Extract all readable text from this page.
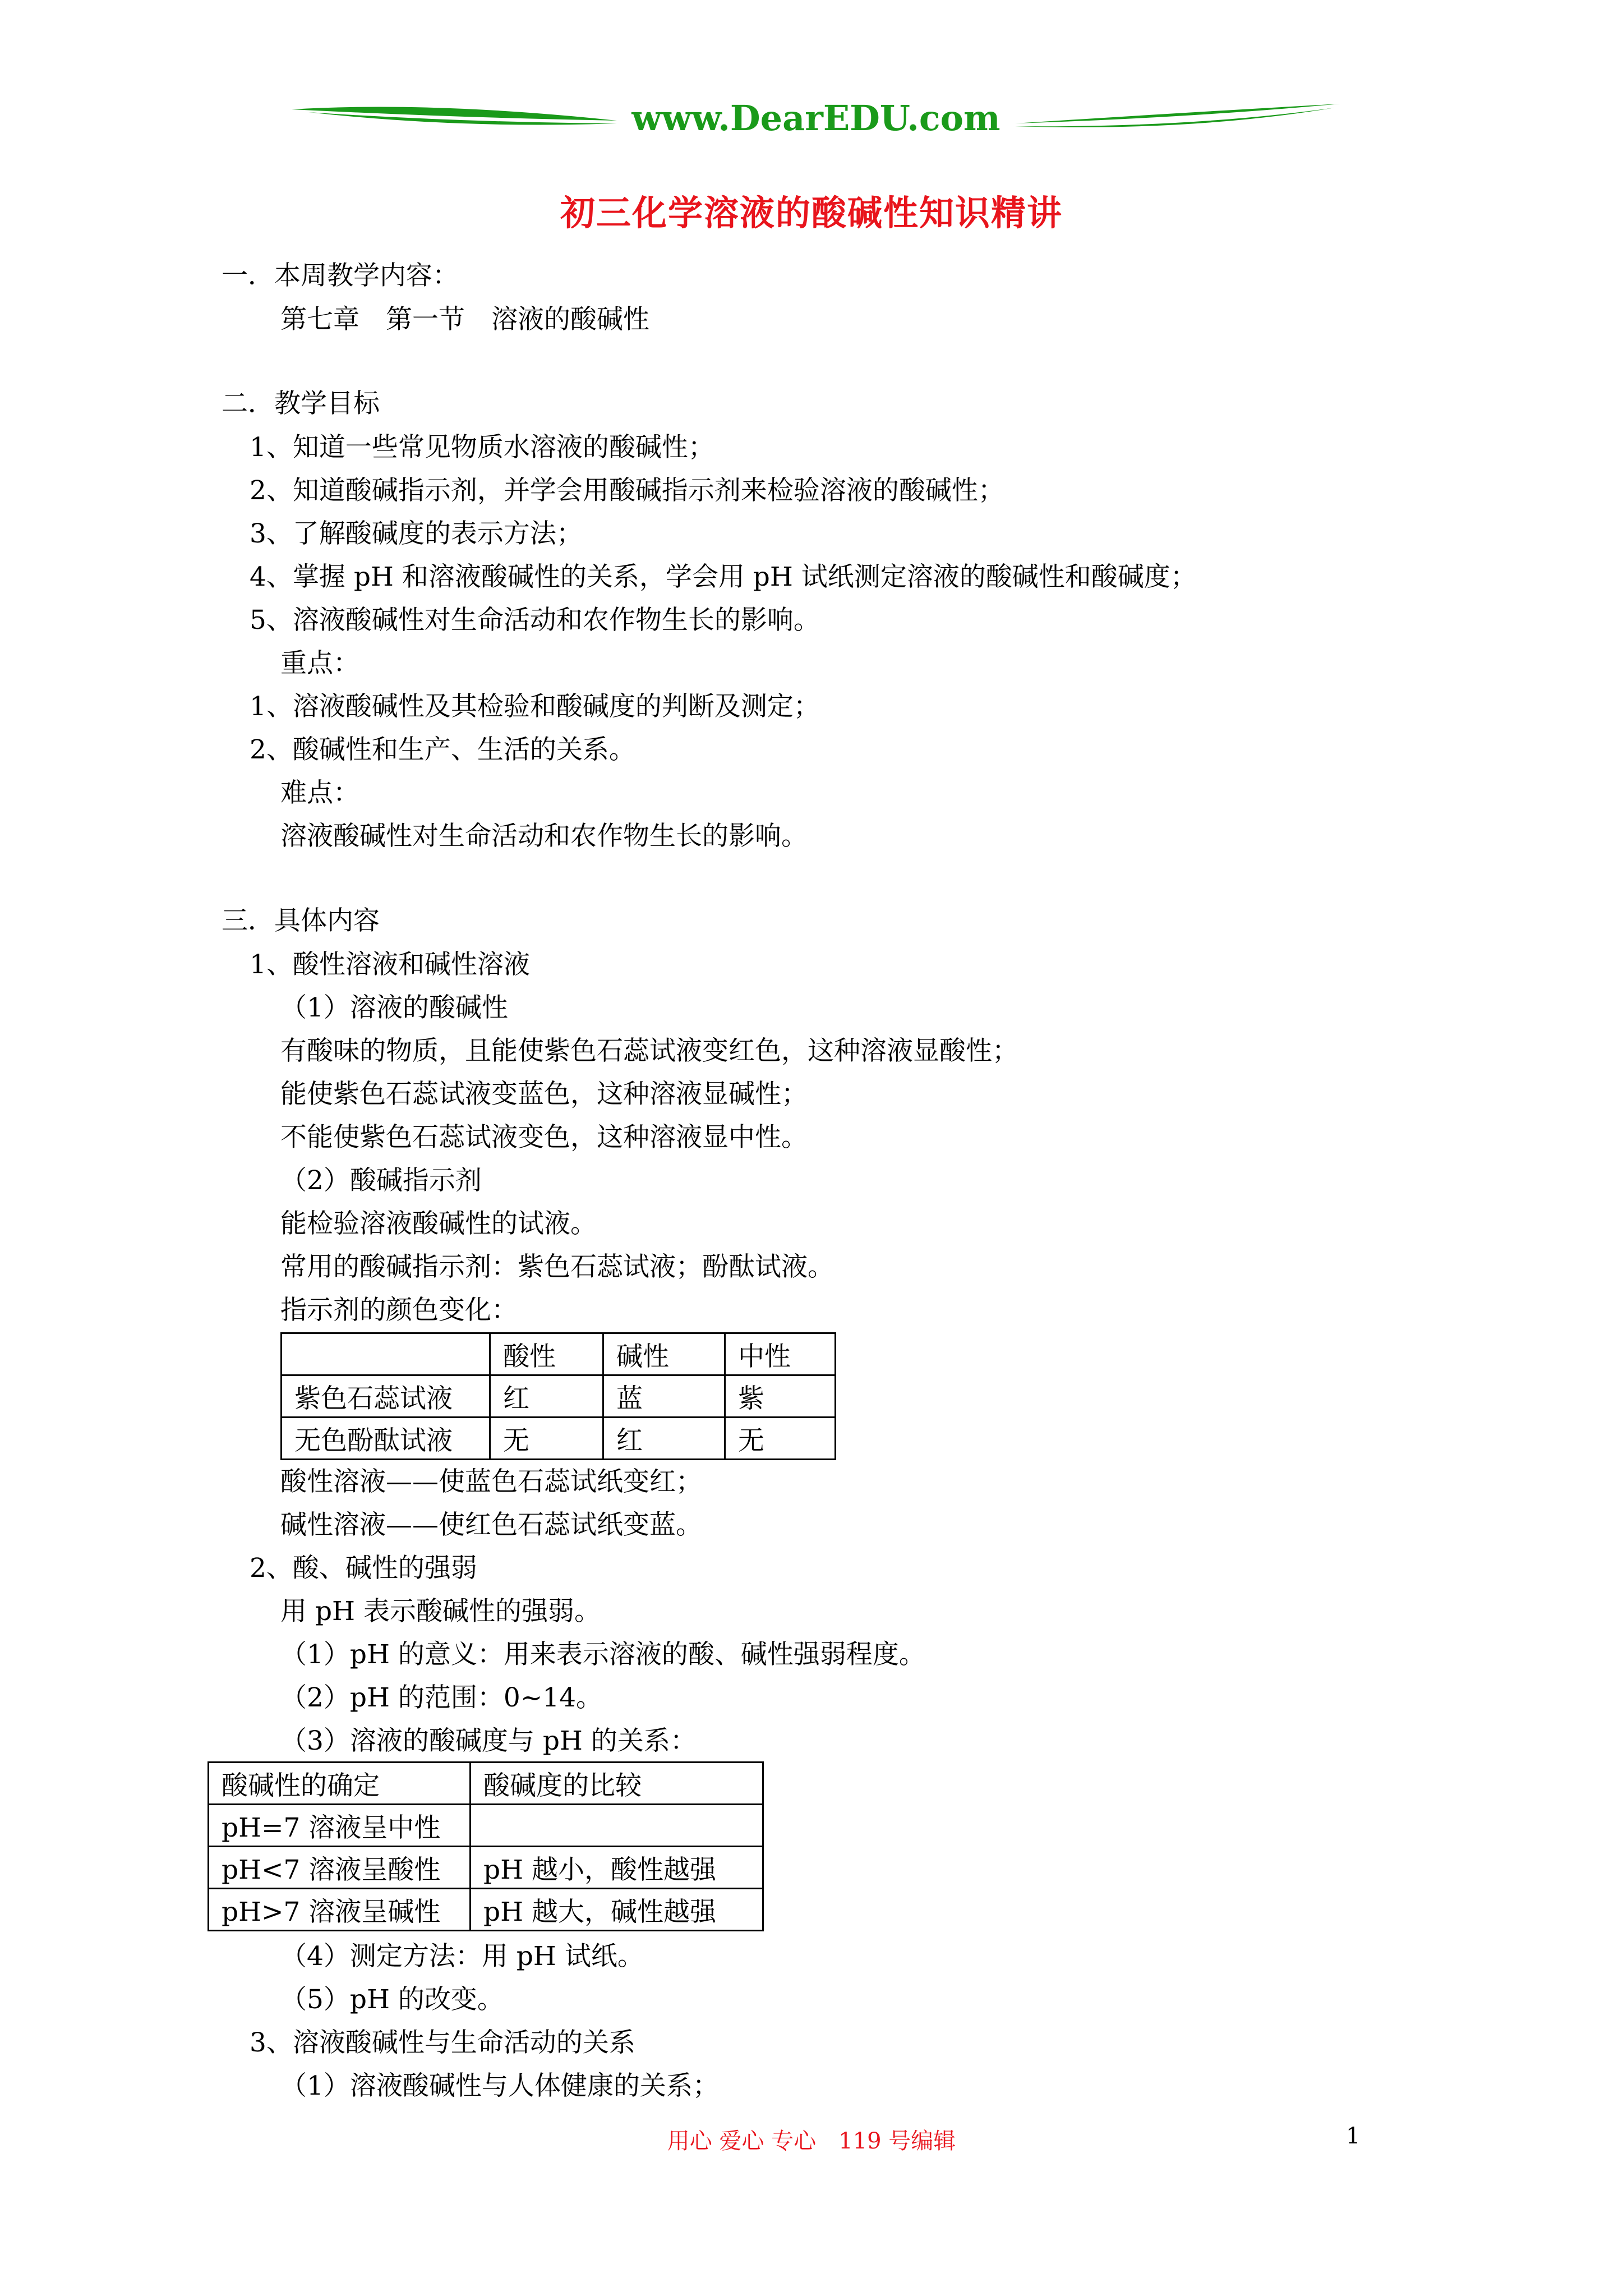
www.DearEDU.com
初三化学溶液的酸碱性知识精讲
一．本周教学内容：
第七章　第一节　溶液的酸碱性
二．教学目标
1、知道一些常见物质水溶液的酸碱性；
2、知道酸碱指示剂，并学会用酸碱指示剂来检验溶液的酸碱性；
3、了解酸碱度的表示方法；
4、掌握 pH 和溶液酸碱性的关系，学会用 pH 试纸测定溶液的酸碱性和酸碱度；
5、溶液酸碱性对生命活动和农作物生长的影响。
重点：
1、溶液酸碱性及其检验和酸碱度的判断及测定；
2、酸碱性和生产、生活的关系。
难点：
溶液酸碱性对生命活动和农作物生长的影响。
三．具体内容
1、酸性溶液和碱性溶液
（1）溶液的酸碱性
有酸味的物质，且能使紫色石蕊试液变红色，这种溶液显酸性；
能使紫色石蕊试液变蓝色，这种溶液显碱性；
不能使紫色石蕊试液变色，这种溶液显中性。
（2）酸碱指示剂
能检验溶液酸碱性的试液。
常用的酸碱指示剂：紫色石蕊试液；酚酞试液。
指示剂的颜色变化：
	酸性	碱性	中性
紫色石蕊试液	红	蓝	紫
无色酚酞试液	无	红	无
酸性溶液——使蓝色石蕊试纸变红；
碱性溶液——使红色石蕊试纸变蓝。
2、酸、碱性的强弱
用 pH 表示酸碱性的强弱。
（1）pH 的意义：用来表示溶液的酸、碱性强弱程度。
（2）pH 的范围：0~14。
（3）溶液的酸碱度与 pH 的关系：
酸碱性的确定	酸碱度的比较
pH=7 溶液呈中性	
pH<7 溶液呈酸性	pH 越小，酸性越强
pH>7 溶液呈碱性	pH 越大，碱性越强
（4）测定方法：用 pH 试纸。
（5）pH 的改变。
3、溶液酸碱性与生命活动的关系
（1）溶液酸碱性与人体健康的关系；
用心 爱心 专心　119 号编辑	1
